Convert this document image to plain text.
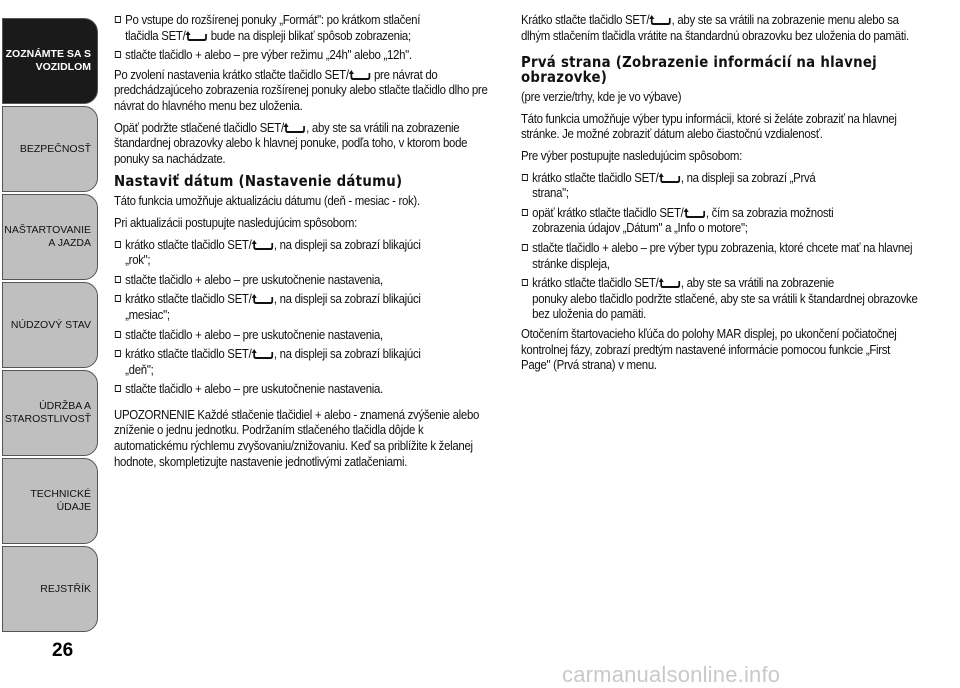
ZOZNÁMTE SA S VOZIDLOM
BEZPEČNOSŤ
NAŠTARTOVANIE A JAZDA
NÚDZOVÝ STAV
ÚDRŽBA A STAROSTLIVOSŤ
TECHNICKÉ ÚDAJE
REJSTŘÍK
26
Po vstupe do rozšírenej ponuky „Formát": po krátkom stlačení
tlačidla SET/ bude na displeji blikať spôsob zobrazenia;
stlačte tlačidlo + alebo – pre výber režimu „24h" alebo „12h".

Po zvolení nastavenia krátko stlačte tlačidlo SET/ pre návrat do predchádzajúceho zobrazenia rozšírenej ponuky alebo stlačte tlačidlo dlho pre návrat do hlavného menu bez uloženia.

Opäť podržte stlačené tlačidlo SET/ , aby ste sa vrátili na zobrazenie štandardnej obrazovky alebo k hlavnej ponuke, podľa toho, v ktorom bode ponuky sa nachádzate.

Nastaviť dátum (Nastavenie dátumu)

Táto funkcia umožňuje aktualizáciu dátumu (deň - mesiac - rok).

Pri aktualizácii postupujte nasledujúcim spôsobom:

krátko stlačte tlačidlo SET/ , na displeji sa zobrazí blikajúci
„rok";
stlačte tlačidlo + alebo – pre uskutočnenie nastavenia,
krátko stlačte tlačidlo SET/ , na displeji sa zobrazí blikajúci
„mesiac";
stlačte tlačidlo + alebo – pre uskutočnenie nastavenia,
krátko stlačte tlačidlo SET/ , na displeji sa zobrazí blikajúci
„deň";
stlačte tlačidlo + alebo – pre uskutočnenie nastavenia.

UPOZORNENIE Každé stlačenie tlačidiel + alebo - znamená zvýšenie alebo zníženie o jednu jednotku. Podržaním stlačeného tlačidla dôjde k automatickému rýchlemu zvyšovaniu/znižovaniu. Keď sa priblížite k želanej hodnote, skompletizujte nastavenie jednotlivými zatlačeniami.

Krátko stlačte tlačidlo SET/ , aby ste sa vrátili na zobrazenie menu alebo sa dlhým stlačením tlačidla vrátite na štandardnú obrazovku bez uloženia do pamäti.

Prvá strana (Zobrazenie informácií na hlavnej obrazovke)

(pre verzie/trhy, kde je vo výbave)

Táto funkcia umožňuje výber typu informácii, ktoré si želáte zobraziť na hlavnej stránke. Je možné zobraziť dátum alebo čiastočnú vzdialenosť.

Pre výber postupujte nasledujúcim spôsobom:

krátko stlačte tlačidlo SET/ , na displeji sa zobrazí „Prvá
strana";
opäť krátko stlačte tlačidlo SET/ , čím sa zobrazia možnosti
zobrazenia údajov „Dátum" a „Info o motore";
stlačte tlačidlo + alebo – pre výber typu zobrazenia, ktoré chcete mať na hlavnej stránke displeja,
krátko stlačte tlačidlo SET/ , aby ste sa vrátili na zobrazenie
ponuky alebo tlačidlo podržte stlačené, aby ste sa vrátili k štandardnej obrazovke bez uloženia do pamäti.

Otočením štartovacieho kľúča do polohy MAR displej, po ukončení počiatočnej kontrolnej fázy, zobrazí predtým nastavené informácie pomocou funkcie „First Page" (Prvá strana) v menu.

carmanualsonline.info
